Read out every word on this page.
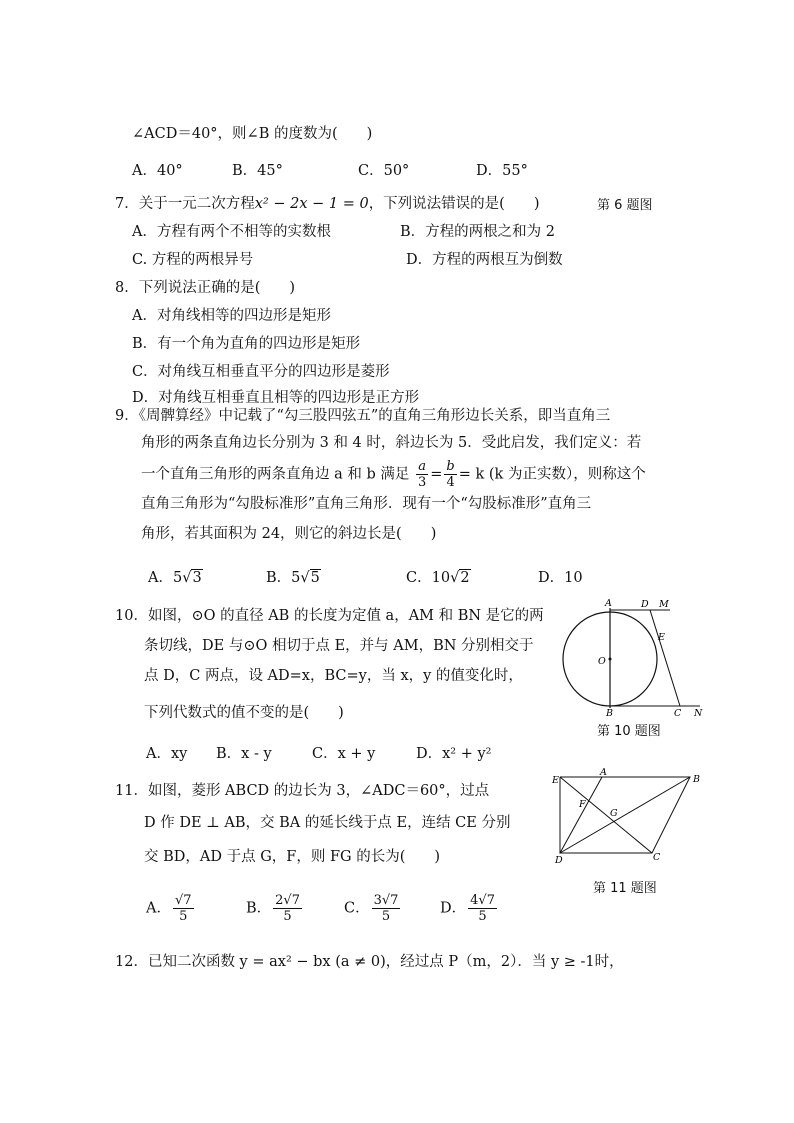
∠ACD＝40°，则∠B 的度数为(　　)
A．40°	B．45°	C．50°	D．55°
7．关于一元二次方程x² − 2x − 1 = 0，下列说法错误的是(　　)	第 6 题图
A．方程有两个不相等的实数根	B．方程的两根之和为 2
C. 方程的两根异号	D．方程的两根互为倒数
8．下列说法正确的是(　　)
A．对角线相等的四边形是矩形
B．有一个角为直角的四边形是矩形
C．对角线互相垂直平分的四边形是菱形
D．对角线互相垂直且相等的四边形是正方形
9．《周髀算经》中记载了“勾三股四弦五”的直角三角形边长关系，即当直角三
角形的两条直角边长分别为 3 和 4 时，斜边长为 5．受此启发，我们定义：若
一个直角三角形的两条直角边 a 和 b 满足 $\frac{a}{3} = \frac{b}{4} = k$ (k 为正实数），则称这个
直角三角形为“勾股标准形”直角三角形．现有一个“勾股标准形”直角三
角形，若其面积为 24，则它的斜边长是(　　)
A．5√3	B．5√5	C．10√2	D．10
10．如图，⊙O 的直径 AB 的长度为定值 a，AM 和 BN 是它的两
条切线，DE 与⊙O 相切于点 E，并与 AM，BN 分别相交于
点 D，C 两点，设 AD=x，BC=y，当 x，y 的值变化时，
下列代数式的值不变的是(　　)
A．xy B．x - y	C．x + y	D．x² + y²
A	D M
E
O
B	C N
第 10 题图
11．如图，菱形 ABCD 的边长为 3，∠ADC＝60°，过点
D 作 DE ⊥ AB，交 BA 的延长线于点 E，连结 CE 分别
交 BD，AD 于点 G，F，则 FG 的长为(　　)
A． $\frac{√7}{5}$	B． $\frac{2√7}{5}$	C． $\frac{3√7}{5}$	D． $\frac{4√7}{5}$
E
A
B
F
G
D	C
第 11 题图
12．已知二次函数 y = ax² − bx (a ≠ 0)，经过点 P（m，2）．当 y ≥ -1时，
